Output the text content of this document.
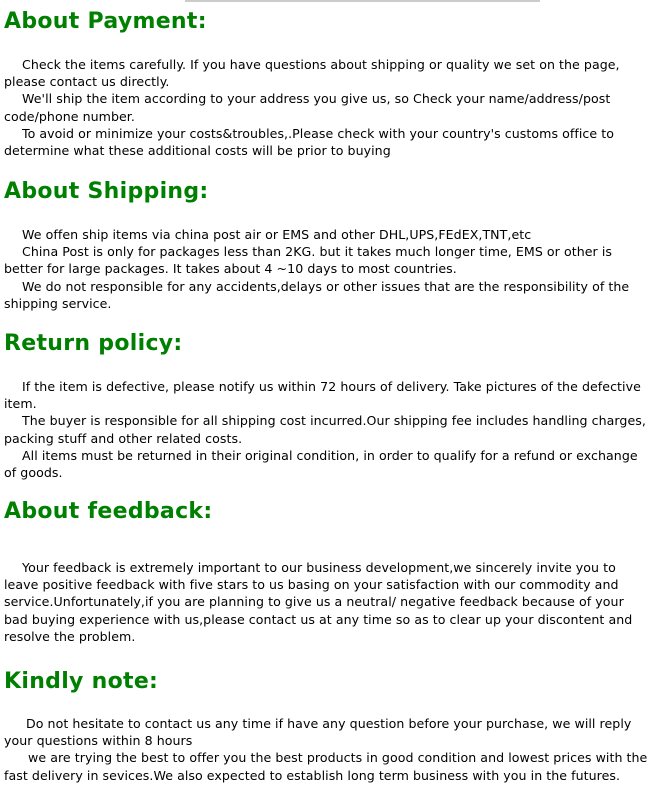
About Payment:

Check the items carefully. If you have questions about shipping or quality we set on the page, please contact us directly.

We'll ship the item according to your address you give us, so Check your name/address/post code/phone number.

To avoid or minimize your costs&troubles,.Please check with your country's customs office to determine what these additional costs will be prior to buying

About Shipping:

We offen ship items via china post air or EMS and other DHL,UPS,FEdEX,TNT,etc

China Post is only for packages less than 2KG. but it takes much longer time, EMS or other is better for large packages. It takes about 4 ~10 days to most countries.

We do not responsible for any accidents,delays or other issues that are the responsibility of the shipping service.

Return policy:

If the item is defective, please notify us within 72 hours of delivery. Take pictures of the defective item.

The buyer is responsible for all shipping cost incurred.Our shipping fee includes handling charges, packing stuff and other related costs.

All items must be returned in their original condition, in order to qualify for a refund or exchange of goods.

About feedback:

Your feedback is extremely important to our business development,we sincerely invite you to leave positive feedback with five stars to us basing on your satisfaction with our commodity and service.Unfortunately,if you are planning to give us a neutral/ negative feedback because of your bad buying experience with us,please contact us at any time so as to clear up your discontent and resolve the problem.

Kindly note:

Do not hesitate to contact us any time if have any question before your purchase, we will reply your questions within 8 hours

we are trying the best to offer you the best products in good condition and lowest prices with the fast delivery in sevices.We also expected to establish long term business with you in the futures.
